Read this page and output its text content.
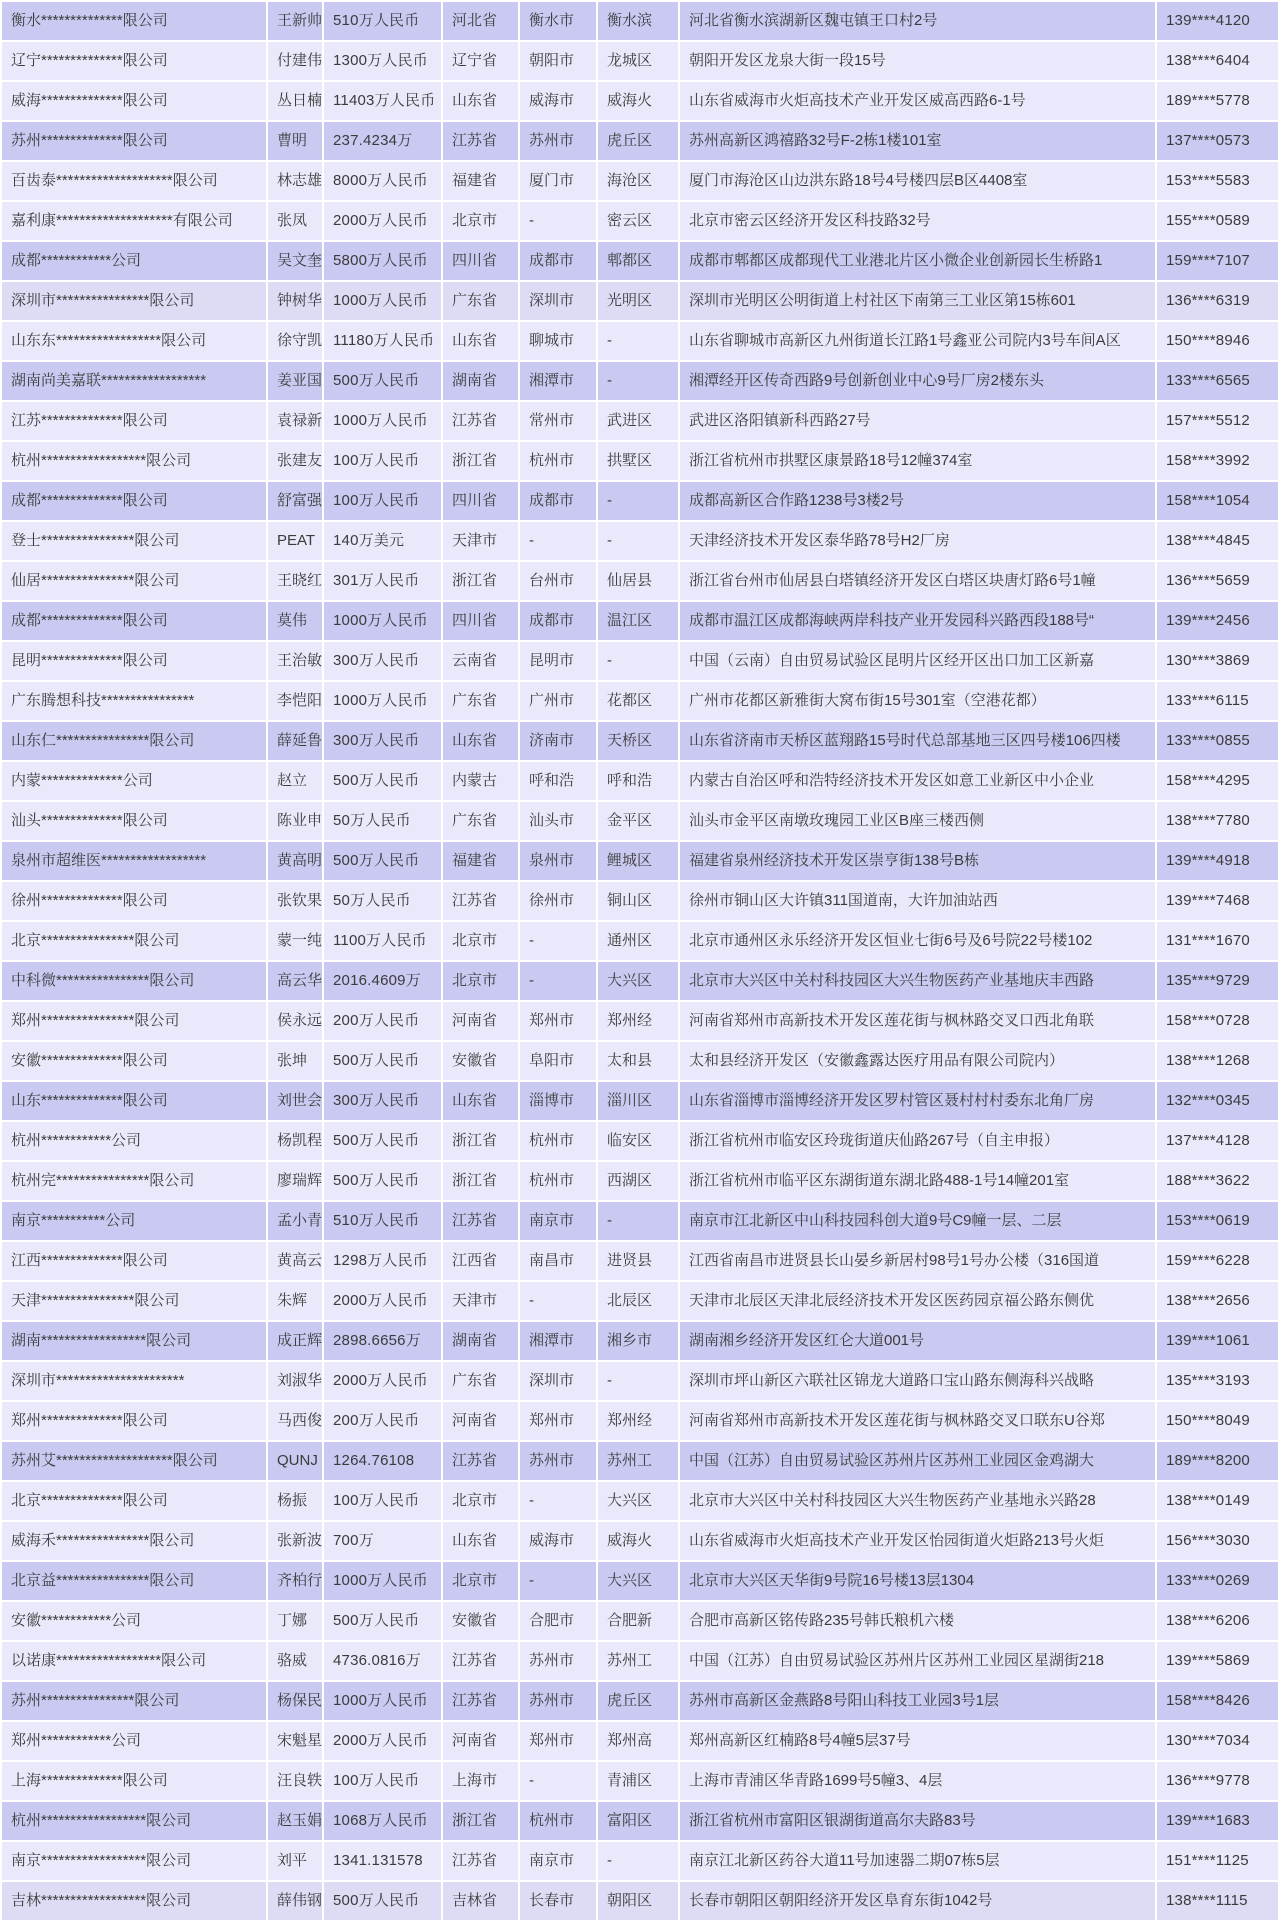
衡水**************限公司	王新帅	510万人民币	河北省	衡水市	衡水滨	河北省衡水滨湖新区魏屯镇王口村2号	139****4120
辽宁**************限公司	付建伟	1300万人民币	辽宁省	朝阳市	龙城区	朝阳开发区龙泉大街一段15号	138****6404
威海**************限公司	丛日楠	11403万人民币	山东省	威海市	威海火	山东省威海市火炬高技术产业开发区威高西路6-1号	189****5778
苏州**************限公司	曹明	237.4234万	江苏省	苏州市	虎丘区	苏州高新区鸿禧路32号F-2栋1楼101室	137****0573
百齿泰********************限公司	林志雄	8000万人民币	福建省	厦门市	海沧区	厦门市海沧区山边洪东路18号4号楼四层B区4408室	153****5583
嘉利康********************有限公司	张凤	2000万人民币	北京市	-	密云区	北京市密云区经济开发区科技路32号	155****0589
成都************公司	吴文奎	5800万人民币	四川省	成都市	郫都区	成都市郫都区成都现代工业港北片区小微企业创新园长生桥路1	159****7107
深圳市****************限公司	钟树华	1000万人民币	广东省	深圳市	光明区	深圳市光明区公明街道上村社区下南第三工业区第15栋601	136****6319
山东东******************限公司	徐守凯	11180万人民币	山东省	聊城市	-	山东省聊城市高新区九州街道长江路1号鑫亚公司院内3号车间A区	150****8946
湖南尚美嘉联******************	姜亚国	500万人民币	湖南省	湘潭市	-	湘潭经开区传奇西路9号创新创业中心9号厂房2楼东头	133****6565
江苏**************限公司	袁禄新	1000万人民币	江苏省	常州市	武进区	武进区洛阳镇新科西路27号	157****5512
杭州******************限公司	张建友	100万人民币	浙江省	杭州市	拱墅区	浙江省杭州市拱墅区康景路18号12幢374室	158****3992
成都**************限公司	舒富强	100万人民币	四川省	成都市	-	成都高新区合作路1238号3楼2号	158****1054
登士****************限公司	PEAT	140万美元	天津市	-	-	天津经济技术开发区泰华路78号H2厂房	138****4845
仙居****************限公司	王晓红	301万人民币	浙江省	台州市	仙居县	浙江省台州市仙居县白塔镇经济开发区白塔区块唐灯路6号1幢	136****5659
成都**************限公司	莫伟	1000万人民币	四川省	成都市	温江区	成都市温江区成都海峡两岸科技产业开发园科兴路西段188号“	139****2456
昆明**************限公司	王治敏	300万人民币	云南省	昆明市	-	中国（云南）自由贸易试验区昆明片区经开区出口加工区新嘉	130****3869
广东腾想科技****************	李恺阳	1000万人民币	广东省	广州市	花都区	广州市花都区新雅街大窝布街15号301室（空港花都）	133****6115
山东仁****************限公司	薛延鲁	300万人民币	山东省	济南市	天桥区	山东省济南市天桥区蓝翔路15号时代总部基地三区四号楼106四楼	133****0855
内蒙**************公司	赵立	500万人民币	内蒙古	呼和浩	呼和浩	内蒙古自治区呼和浩特经济技术开发区如意工业新区中小企业	158****4295
汕头**************限公司	陈业申	50万人民币	广东省	汕头市	金平区	汕头市金平区南墩玫瑰园工业区B座三楼西侧	138****7780
泉州市超维医******************	黄高明	500万人民币	福建省	泉州市	鲤城区	福建省泉州经济技术开发区崇亨街138号B栋	139****4918
徐州**************限公司	张钦果	50万人民币	江苏省	徐州市	铜山区	徐州市铜山区大许镇311国道南，大许加油站西	139****7468
北京****************限公司	蒙一纯	1100万人民币	北京市	-	通州区	北京市通州区永乐经济开发区恒业七街6号及6号院22号楼102	131****1670
中科微****************限公司	高云华	2016.4609万	北京市	-	大兴区	北京市大兴区中关村科技园区大兴生物医药产业基地庆丰西路	135****9729
郑州****************限公司	侯永远	200万人民币	河南省	郑州市	郑州经	河南省郑州市高新技术开发区莲花街与枫林路交叉口西北角联	158****0728
安徽**************限公司	张坤	500万人民币	安徽省	阜阳市	太和县	太和县经济开发区（安徽鑫露达医疗用品有限公司院内）	138****1268
山东**************限公司	刘世会	300万人民币	山东省	淄博市	淄川区	山东省淄博市淄博经济开发区罗村管区聂村村村委东北角厂房	132****0345
杭州************公司	杨凯程	500万人民币	浙江省	杭州市	临安区	浙江省杭州市临安区玲珑街道庆仙路267号（自主申报）	137****4128
杭州完****************限公司	廖瑞辉	500万人民币	浙江省	杭州市	西湖区	浙江省杭州市临平区东湖街道东湖北路488-1号14幢201室	188****3622
南京***********公司	孟小青	510万人民币	江苏省	南京市	-	南京市江北新区中山科技园科创大道9号C9幢一层、二层	153****0619
江西**************限公司	黄高云	1298万人民币	江西省	南昌市	进贤县	江西省南昌市进贤县长山晏乡新居村98号1号办公楼（316国道	159****6228
天津****************限公司	朱辉	2000万人民币	天津市	-	北辰区	天津市北辰区天津北辰经济技术开发区医药园京福公路东侧优	138****2656
湖南******************限公司	成正辉	2898.6656万	湖南省	湘潭市	湘乡市	湖南湘乡经济开发区红仑大道001号	139****1061
深圳市**********************	刘淑华	2000万人民币	广东省	深圳市	-	深圳市坪山新区六联社区锦龙大道路口宝山路东侧海科兴战略	135****3193
郑州**************限公司	马西俊	200万人民币	河南省	郑州市	郑州经	河南省郑州市高新技术开发区莲花街与枫林路交叉口联东U谷郑	150****8049
苏州艾********************限公司	QUNJ	1264.76108	江苏省	苏州市	苏州工	中国（江苏）自由贸易试验区苏州片区苏州工业园区金鸡湖大	189****8200
北京**************限公司	杨振	100万人民币	北京市	-	大兴区	北京市大兴区中关村科技园区大兴生物医药产业基地永兴路28	138****0149
威海禾****************限公司	张新波	700万	山东省	威海市	威海火	山东省威海市火炬高技术产业开发区怡园街道火炬路213号火炬	156****3030
北京益****************限公司	齐柏行	1000万人民币	北京市	-	大兴区	北京市大兴区天华街9号院16号楼13层1304	133****0269
安徽************公司	丁娜	500万人民币	安徽省	合肥市	合肥新	合肥市高新区铭传路235号韩氏粮机六楼	138****6206
以诺康******************限公司	骆威	4736.0816万	江苏省	苏州市	苏州工	中国（江苏）自由贸易试验区苏州片区苏州工业园区星湖街218	139****5869
苏州****************限公司	杨保民	1000万人民币	江苏省	苏州市	虎丘区	苏州市高新区金燕路8号阳山科技工业园3号1层	158****8426
郑州************公司	宋魁星	2000万人民币	河南省	郑州市	郑州高	郑州高新区红楠路8号4幢5层37号	130****7034
上海**************限公司	汪良轶	100万人民币	上海市	-	青浦区	上海市青浦区华青路1699号5幢3、4层	136****9778
杭州******************限公司	赵玉娟	1068万人民币	浙江省	杭州市	富阳区	浙江省杭州市富阳区银湖街道高尔夫路83号	139****1683
南京******************限公司	刘平	1341.131578	江苏省	南京市	-	南京江北新区药谷大道11号加速器二期07栋5层	151****1125
吉林******************限公司	薛伟钢	500万人民币	吉林省	长春市	朝阳区	长春市朝阳区朝阳经济开发区阜育东街1042号	138****1115
